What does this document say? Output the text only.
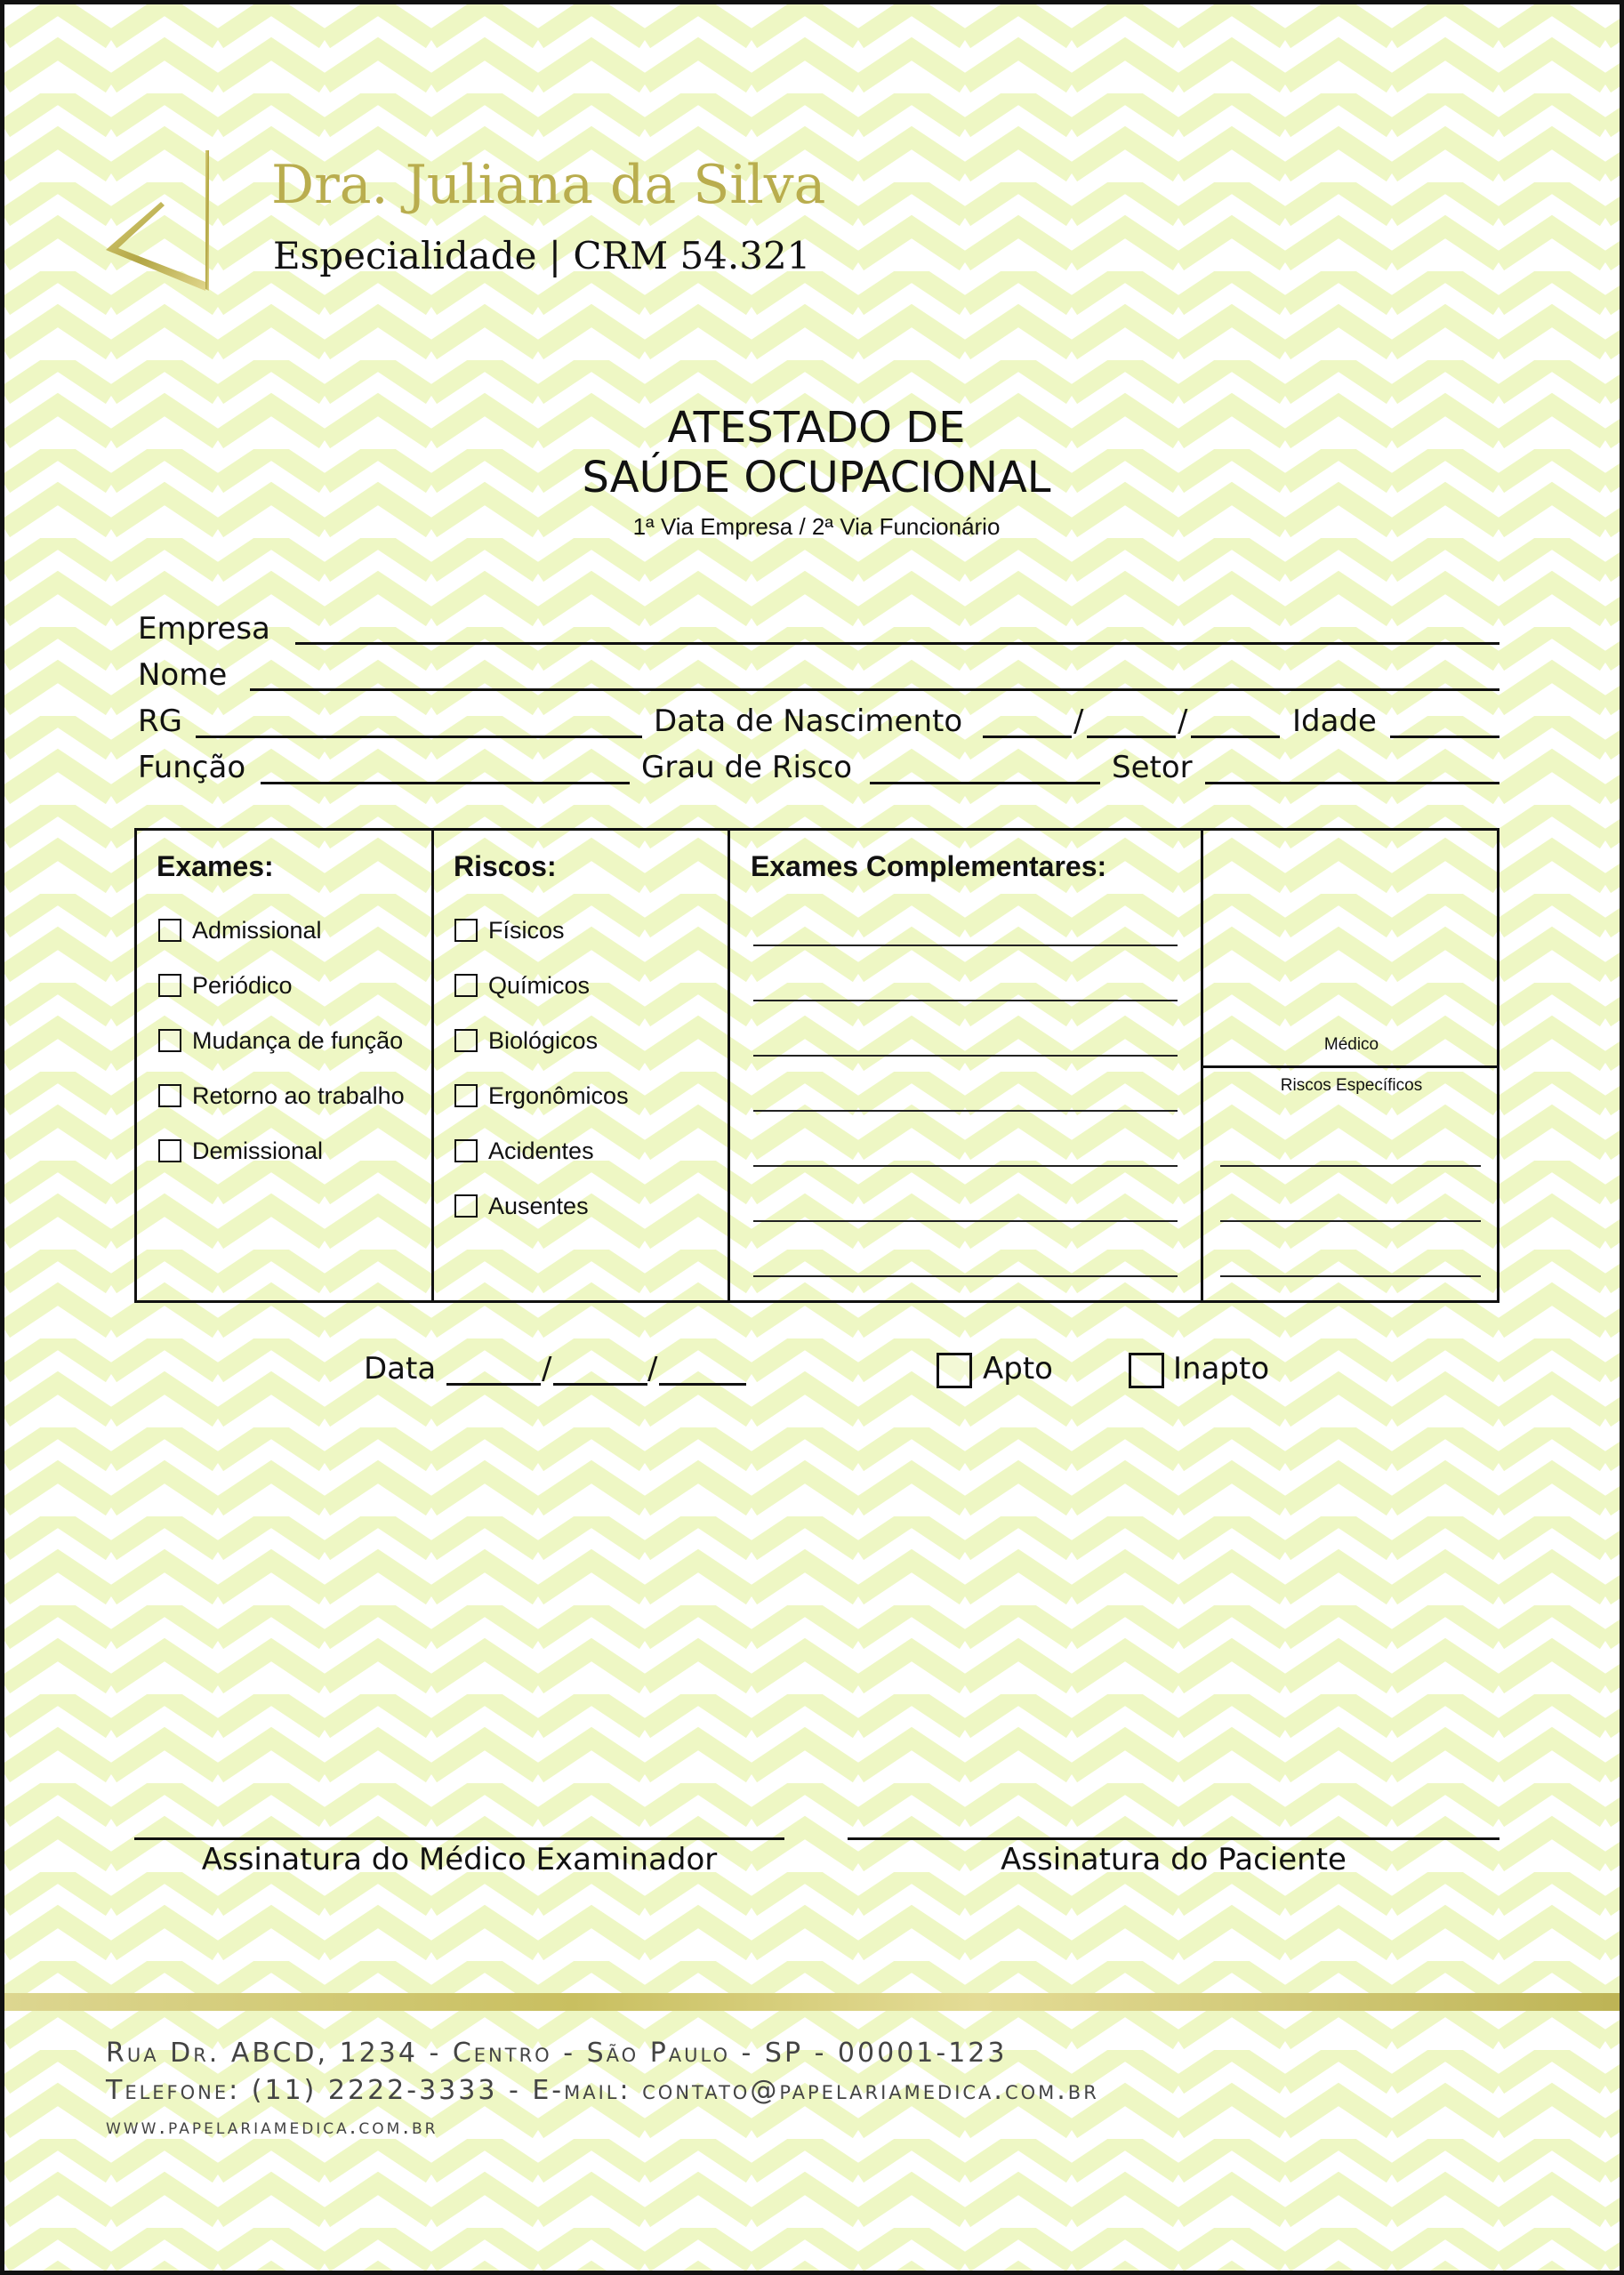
Dra. Juliana da Silva
Especialidade | CRM 54.321
ATESTADO DE
SAÚDE OCUPACIONAL
1ª Via Empresa / 2ª Via Funcionário
Empresa
Nome
RG	Data de Nascimento	/	/	Idade
Função	Grau de Risco	Setor
Exames:
Admissional
Periódico
Mudança de função
Retorno ao trabalho
Demissional
Riscos:
Físicos
Químicos
Biológicos
Ergonômicos
Acidentes
Ausentes
Exames Complementares:
Médico
Riscos Específicos
Data	/	/	Apto	Inapto
Assinatura do Médico Examinador	Assinatura do Paciente
Rua Dr. ABCD, 1234 - Centro - São Paulo - SP - 00001-123
Telefone: (11) 2222-3333 - E-mail: contato@papelariamedica.com.br
www.papelariamedica.com.br
